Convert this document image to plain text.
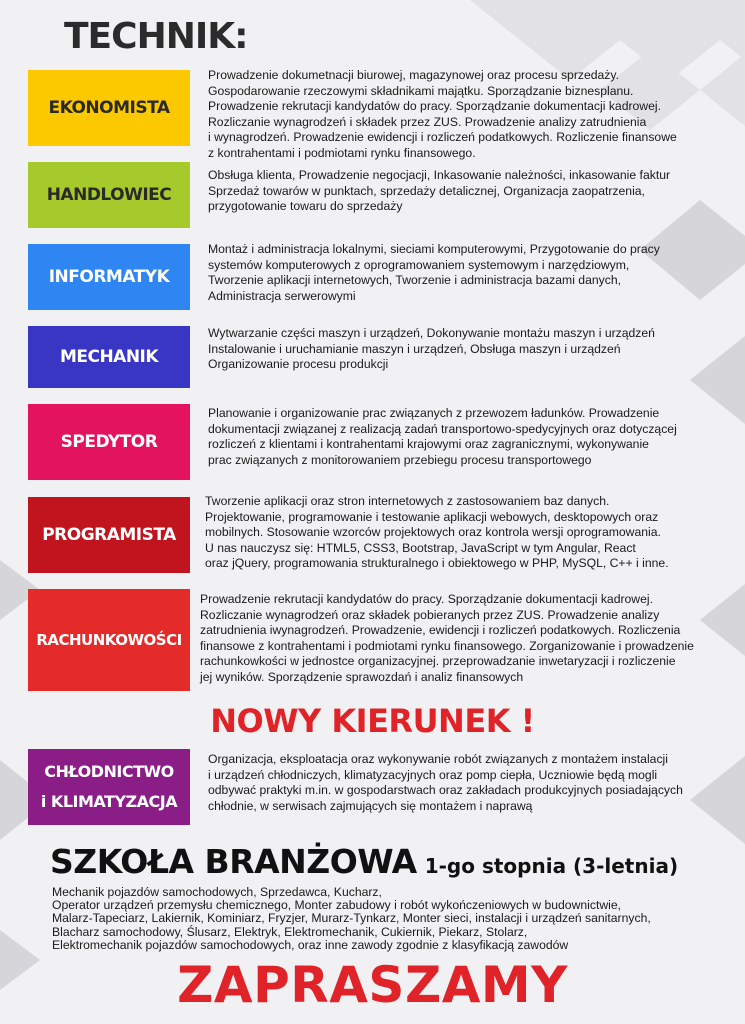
TECHNIK:
EKONOMISTA

Prowadzenie dokumetnacji biurowej, magazynowej oraz procesu sprzedaży.
Gospodarowanie rzeczowymi składnikami majątku. Sporządzanie biznesplanu.
Prowadzenie rekrutacji kandydatów do pracy. Sporządzanie dokumentacji kadrowej.
Rozliczanie wynagrodzeń i składek przez ZUS. Prowadzenie analizy zatrudnienia
i wynagrodzeń. Prowadzenie ewidencji i rozliczeń podatkowych. Rozliczenie finansowe
z kontrahentami i podmiotami rynku finansowego.

HANDLOWIEC

Obsługa klienta, Prowadzenie negocjacji, Inkasowanie należności, inkasowanie faktur
Sprzedaż towarów w punktach, sprzedaży detalicznej, Organizacja zaopatrzenia,
przygotowanie towaru do sprzedaży

INFORMATYK

Montaż i administracja lokalnymi, sieciami komputerowymi, Przygotowanie do pracy
systemów komputerowych z oprogramowaniem systemowym i narzędziowym,
Tworzenie aplikacji internetowych, Tworzenie i administracja bazami danych,
Administracja serwerowymi

MECHANIK

Wytwarzanie części maszyn i urządzeń, Dokonywanie montażu maszyn i urządzeń
Instalowanie i uruchamianie maszyn i urządzeń, Obsługa maszyn i urządzeń
Organizowanie procesu produkcji

SPEDYTOR

Planowanie i organizowanie prac związanych z przewozem ładunków. Prowadzenie
dokumentacji związanej z realizacją zadań transportowo-spedycyjnych oraz dotyczącej
rozliczeń z klientami i kontrahentami krajowymi oraz zagranicznymi, wykonywanie
prac związanych z monitorowaniem przebiegu procesu transportowego

PROGRAMISTA

Tworzenie aplikacji oraz stron internetowych z zastosowaniem baz danych.
Projektowanie, programowanie i testowanie aplikacji webowych, desktopowych oraz
mobilnych. Stosowanie wzorców projektowych oraz kontrola wersji oprogramowania.
U nas nauczysz się: HTML5, CSS3, Bootstrap, JavaScript w tym Angular, React
oraz jQuery, programowania strukturalnego i obiektowego w PHP, MySQL, C++ i inne.

RACHUNKOWOŚCI

Prowadzenie rekrutacji kandydatów do pracy. Sporządzanie dokumentacji kadrowej.
Rozliczanie wynagrodzeń oraz składek pobieranych przez ZUS. Prowadzenie analizy
zatrudnienia iwynagrodzeń. Prowadzenie, ewidencji i rozliczeń podatkowych. Rozliczenia
finansowe z kontrahentami i podmiotami rynku finansowego. Zorganizowanie i prowadzenie
rachunkowkości w jednostce organizacyjnej. przeprowadzanie inwetaryzacji i rozliczenie
jej wyników. Sporządzenie sprawozdań i analiz finansowych

NOWY KIERUNEK !
CHŁODNICTWO
i KLIMATYZACJA

Organizacja, eksploatacja oraz wykonywanie robót związanych z montażem instalacji
i urządzeń chłodniczych, klimatyzacyjnych oraz pomp ciepła, Uczniowie będą mogli
odbywać praktyki m.in. w gospodarstwach oraz zakładach produkcyjnych posiadających
chłodnie, w serwisach zajmujących się montażem i naprawą

SZKOŁA BRANŻOWA 1-go stopnia (3-letnia)

Mechanik pojazdów samochodowych, Sprzedawca, Kucharz,
Operator urządzeń przemysłu chemicznego, Monter zabudowy i robót wykończeniowych w budownictwie,
Malarz-Tapeciarz, Lakiernik, Kominiarz, Fryzjer, Murarz-Tynkarz, Monter sieci, instalacji i urządzeń sanitarnych,
Blacharz samochodowy, Ślusarz, Elektryk, Elektromechanik, Cukiernik, Piekarz, Stolarz,
Elektromechanik pojazdów samochodowych, oraz inne zawody zgodnie z klasyfikacją zawodów

ZAPRASZAMY
